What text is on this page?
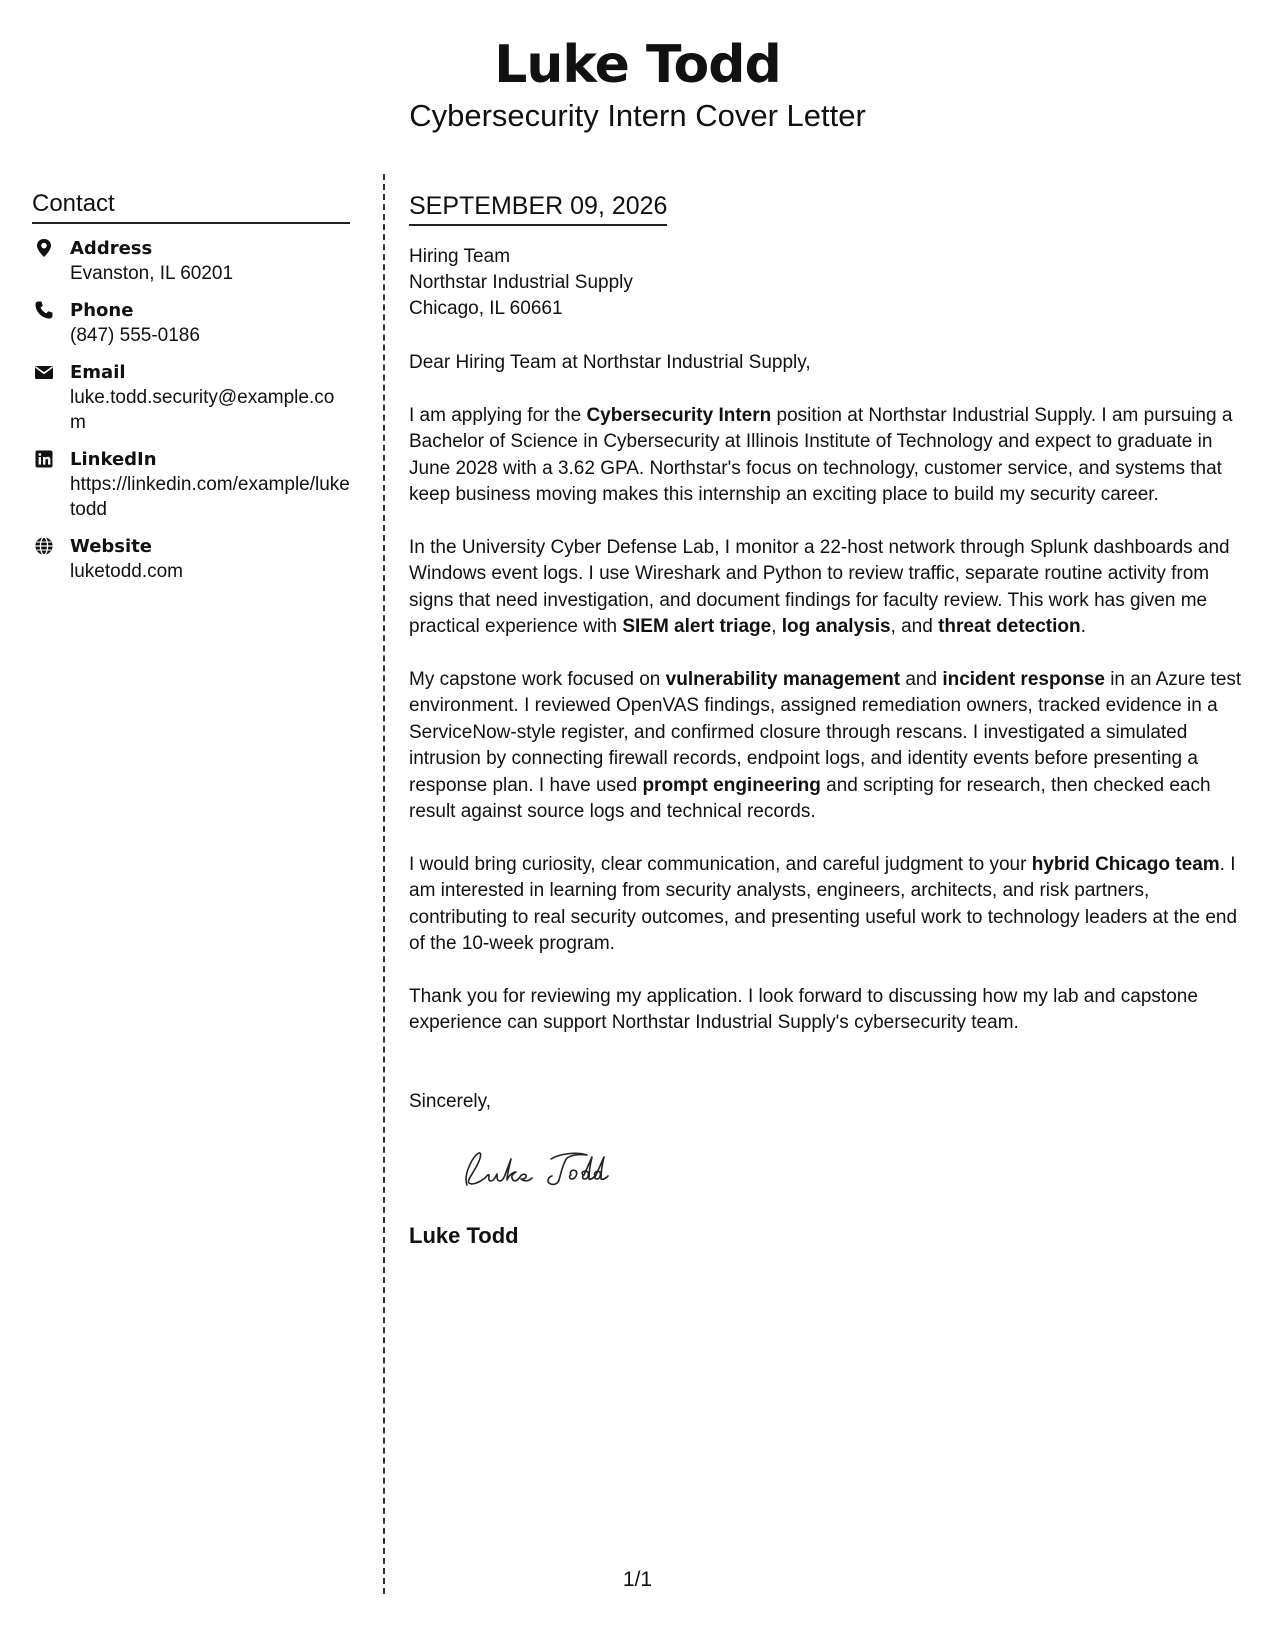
Luke Todd
Cybersecurity Intern Cover Letter
Contact
Address
Evanston, IL 60201
Phone
(847) 555-0186
Email
luke.todd.security@example.com
LinkedIn
https://linkedin.com/example/luketodd
Website
luketodd.com
SEPTEMBER 09, 2026
Hiring Team
Northstar Industrial Supply
Chicago, IL 60661
Dear Hiring Team at Northstar Industrial Supply,
I am applying for the Cybersecurity Intern position at Northstar Industrial Supply. I am pursuing a Bachelor of Science in Cybersecurity at Illinois Institute of Technology and expect to graduate in June 2028 with a 3.62 GPA. Northstar's focus on technology, customer service, and systems that keep business moving makes this internship an exciting place to build my security career.
In the University Cyber Defense Lab, I monitor a 22-host network through Splunk dashboards and Windows event logs. I use Wireshark and Python to review traffic, separate routine activity from signs that need investigation, and document findings for faculty review. This work has given me practical experience with SIEM alert triage, log analysis, and threat detection.
My capstone work focused on vulnerability management and incident response in an Azure test environment. I reviewed OpenVAS findings, assigned remediation owners, tracked evidence in a ServiceNow-style register, and confirmed closure through rescans. I investigated a simulated intrusion by connecting firewall records, endpoint logs, and identity events before presenting a response plan. I have used prompt engineering and scripting for research, then checked each result against source logs and technical records.
I would bring curiosity, clear communication, and careful judgment to your hybrid Chicago team. I am interested in learning from security analysts, engineers, architects, and risk partners, contributing to real security outcomes, and presenting useful work to technology leaders at the end of the 10-week program.
Thank you for reviewing my application. I look forward to discussing how my lab and capstone experience can support Northstar Industrial Supply's cybersecurity team.
Sincerely,
Luke Todd
1/1
